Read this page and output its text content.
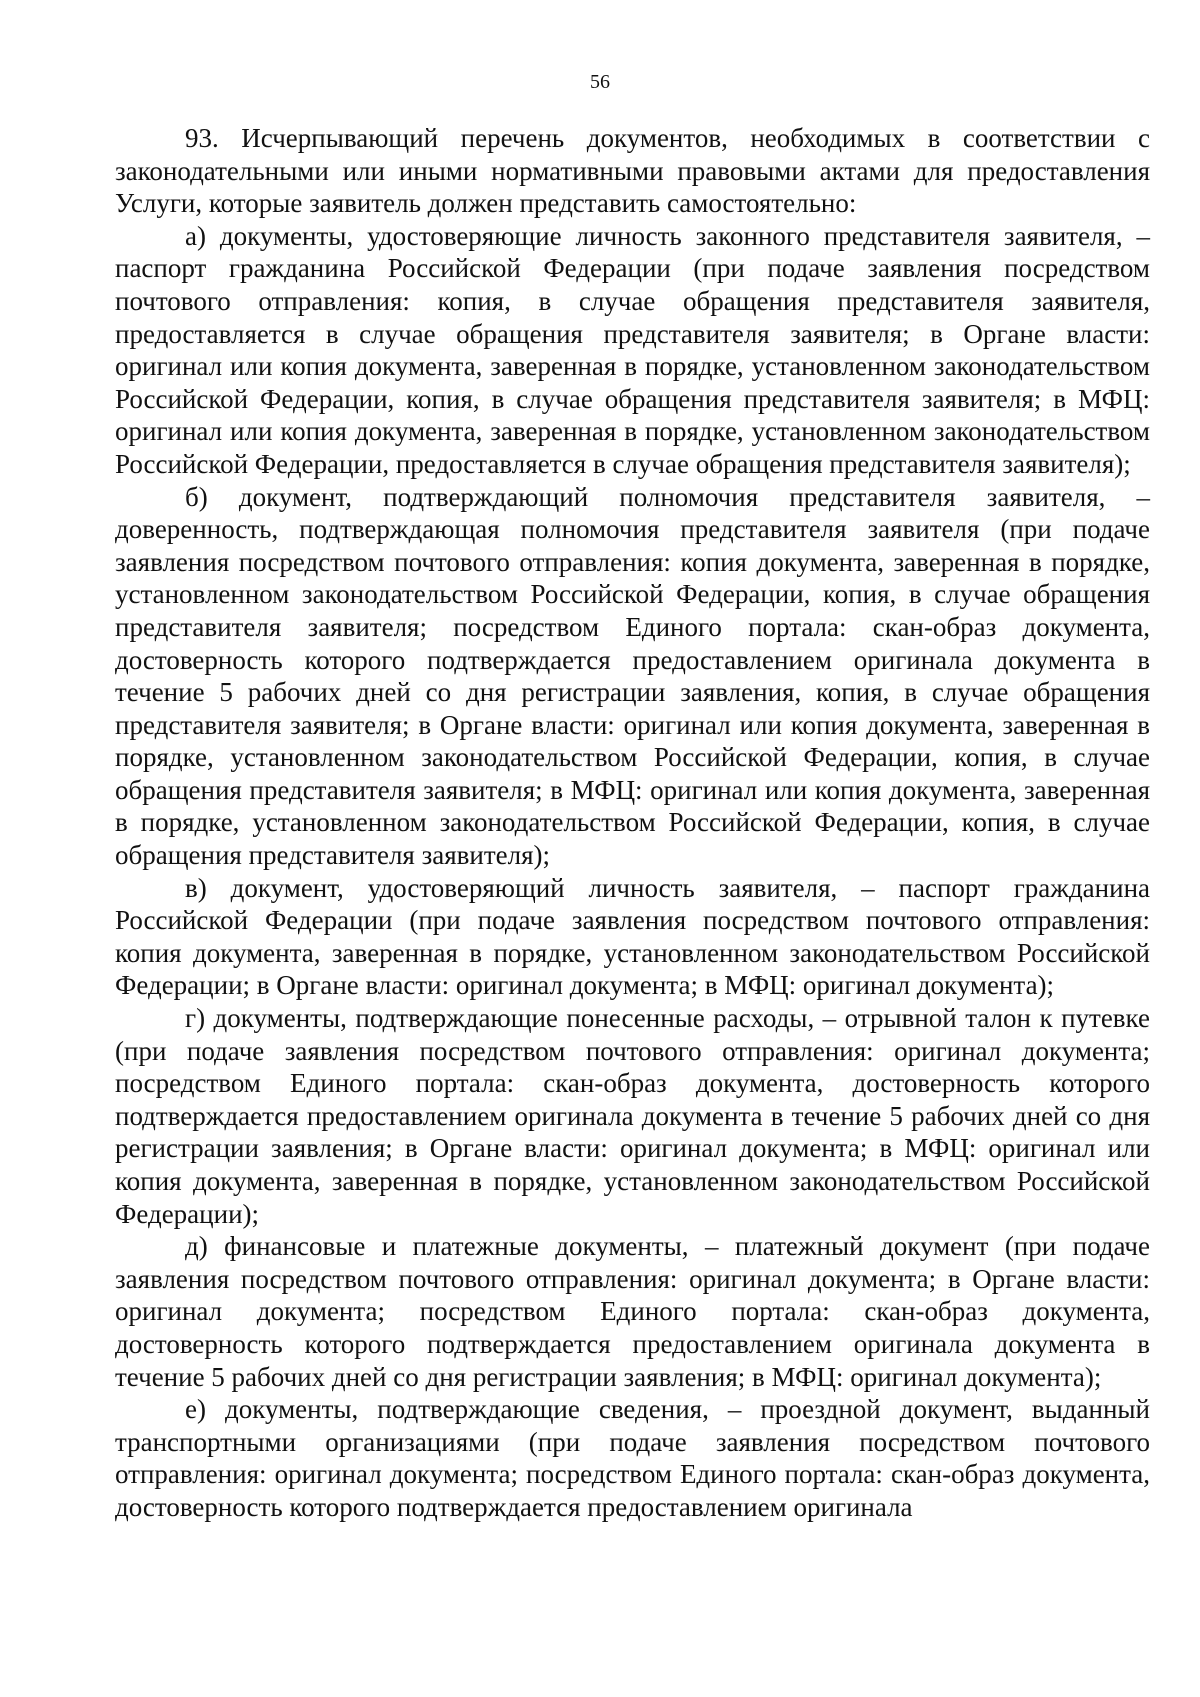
56

93. Исчерпывающий перечень документов, необходимых в соответствии с законодательными или иными нормативными правовыми актами для предоставления Услуги, которые заявитель должен представить самостоятельно:

а) документы, удостоверяющие личность законного представителя заявителя, – паспорт гражданина Российской Федерации (при подаче заявления посредством почтового отправления: копия, в случае обращения представителя заявителя, предоставляется в случае обращения представителя заявителя; в Органе власти: оригинал или копия документа, заверенная в порядке, установленном законодательством Российской Федерации, копия, в случае обращения представителя заявителя; в МФЦ: оригинал или копия документа, заверенная в порядке, установленном законодательством Российской Федерации, предоставляется в случае обращения представителя заявителя);

б) документ, подтверждающий полномочия представителя заявителя, – доверенность, подтверждающая полномочия представителя заявителя (при подаче заявления посредством почтового отправления: копия документа, заверенная в порядке, установленном законодательством Российской Федерации, копия, в случае обращения представителя заявителя; посредством Единого портала: скан-образ документа, достоверность которого подтверждается предоставлением оригинала документа в течение 5 рабочих дней со дня регистрации заявления, копия, в случае обращения представителя заявителя; в Органе власти: оригинал или копия документа, заверенная в порядке, установленном законодательством Российской Федерации, копия, в случае обращения представителя заявителя; в МФЦ: оригинал или копия документа, заверенная в порядке, установленном законодательством Российской Федерации, копия, в случае обращения представителя заявителя);

в) документ, удостоверяющий личность заявителя, – паспорт гражданина Российской Федерации (при подаче заявления посредством почтового отправления: копия документа, заверенная в порядке, установленном законодательством Российской Федерации; в Органе власти: оригинал документа; в МФЦ: оригинал документа);

г) документы, подтверждающие понесенные расходы, – отрывной талон к путевке (при подаче заявления посредством почтового отправления: оригинал документа; посредством Единого портала: скан-образ документа, достоверность которого подтверждается предоставлением оригинала документа в течение 5 рабочих дней со дня регистрации заявления; в Органе власти: оригинал документа; в МФЦ: оригинал или копия документа, заверенная в порядке, установленном законодательством Российской Федерации);

д) финансовые и платежные документы, – платежный документ (при подаче заявления посредством почтового отправления: оригинал документа; в Органе власти: оригинал документа; посредством Единого портала: скан-образ документа, достоверность которого подтверждается предоставлением оригинала документа в течение 5 рабочих дней со дня регистрации заявления; в МФЦ: оригинал документа);

е) документы, подтверждающие сведения, – проездной документ, выданный транспортными организациями (при подаче заявления посредством почтового отправления: оригинал документа; посредством Единого портала: скан-образ документа, достоверность которого подтверждается предоставлением оригинала
